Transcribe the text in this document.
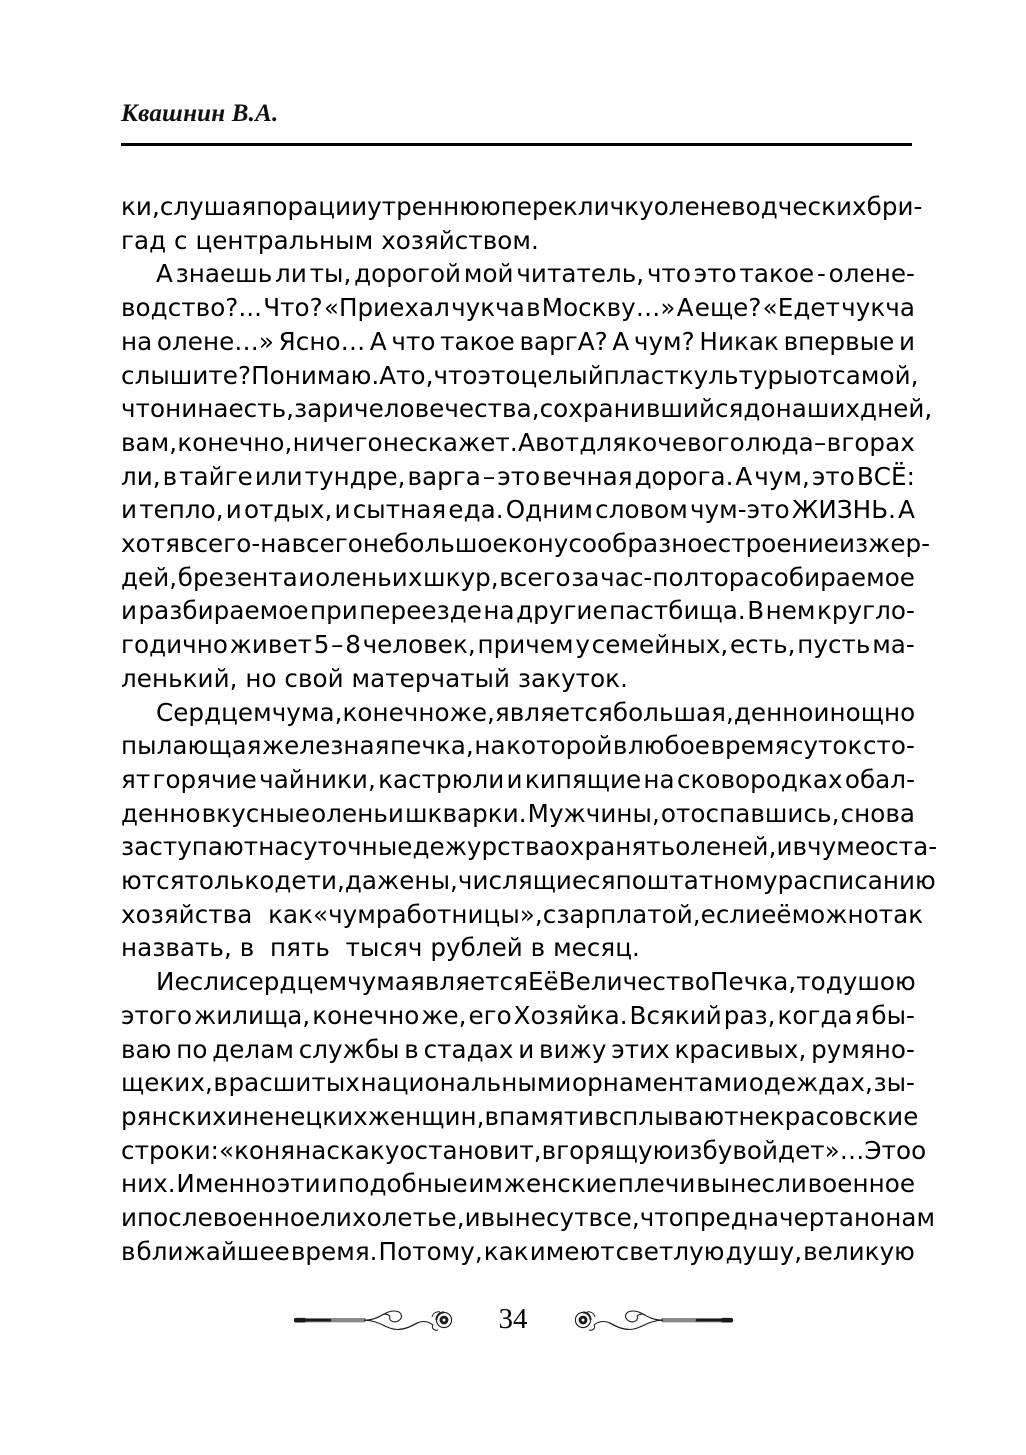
Квашнин В.А.
ки, слушая по рации утреннюю перекличку оленеводческих бри-
гад с центральным хозяйством.
А знаешь ли ты, дорогой мой читатель, что это такое - олене-
водство?... Что? «Приехал чукча в Москву…» А еще? «Едет чукча
на олене…» Ясно… А что такое варгА? А чум? Никак впервые и
слышите? Понимаю. А то, что это целый пласт культуры от самой,
что ни на есть, зари человечества, сохранившийся до наших дней,
вам, конечно, ничего не скажет. А вот для кочевого люда – в горах
ли, в тайге или тундре, варга – это вечная дорога. А чум, это ВСЁ:
и тепло, и отдых, и сытная еда. Одним словом чум-это ЖИЗНЬ. А
хотя всего - навсего небольшое конусообразное строение из жер-
дей, брезента и оленьих шкур, всего за час-полтора собираемое
и разбираемое при переезде на другие пастбища. В нем кругло-
годично живет 5 – 8 человек, причем у семейных, есть, пусть ма-
ленький, но свой матерчатый закуток.
Сердцем чума, конечно же, является большая, денно и нощно
пылающая железная печка, на которой в любое время суток сто-
ят горячие чайники, кастрюли и кипящие на сковородках обал-
денно вкусные оленьи шкварки. Мужчины, отоспавшись, снова
заступают на суточные дежурства охранять оленей, и в чуме оста-
ются только дети, да жены, числящиеся по штатному расписанию
хозяйства как «чум работницы», с зарплатой, если её можно так
назвать, в  пять  тысяч рублей в месяц.
И если сердцем чума является Её Величество Печка,то душою
этого жилища, конечно же, его Хозяйка. Всякий раз, когда я бы-
ваю по делам службы в стадах и вижу этих красивых, румяно-
щеких, в расшитых национальными орнаментами одеждах, зы-
рянских и ненецких женщин, в памяти всплывают некрасовские
строки: «коня на скаку остановит, в горящую избу войдет»… Это о
них. Именно эти и подобные им женские плечи вынесли военное
и послевоенное лихолетье, и вынесут все, что предначертано нам
в ближайшее время. Потому, как имеют светлую душу, великую
34
